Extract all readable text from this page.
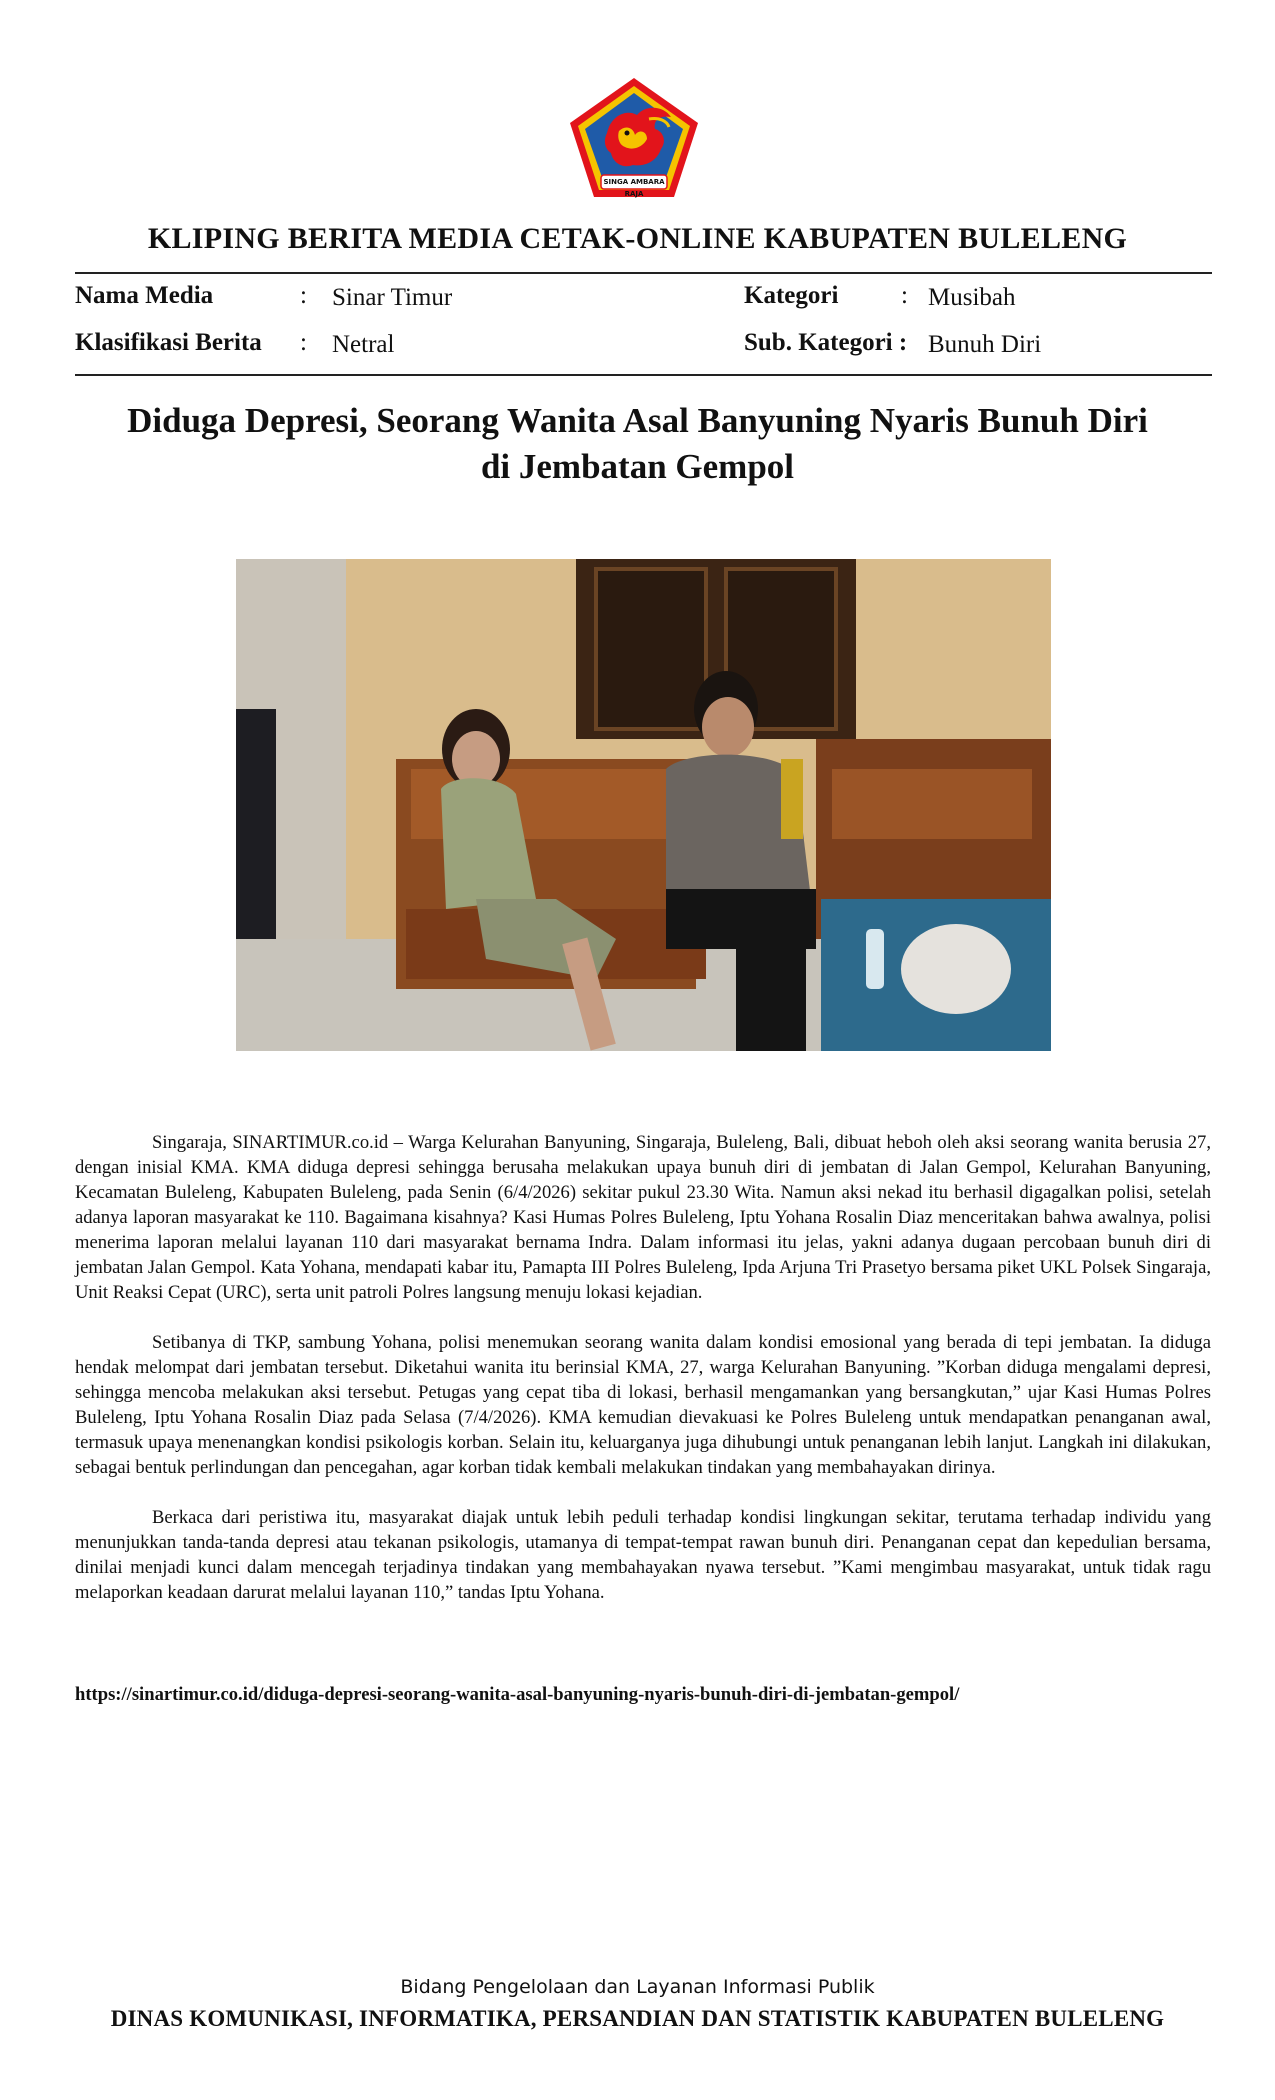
SINGA AMBARA RAJA
KLIPING BERITA MEDIA CETAK-ONLINE KABUPATEN BULELENG
Nama Media	: Sinar Timur	Kategori	: Musibah
Klasifikasi Berita : Netral	Sub. Kategori : Bunuh Diri
Diduga Depresi, Seorang Wanita Asal Banyuning Nyaris Bunuh Diri di Jembatan Gempol

Singaraja, SINARTIMUR.co.id – Warga Kelurahan Banyuning, Singaraja, Buleleng, Bali, dibuat heboh oleh aksi seorang wanita berusia 27, dengan inisial KMA. KMA diduga depresi sehingga berusaha melakukan upaya bunuh diri di jembatan di Jalan Gempol, Kelurahan Banyuning, Kecamatan Buleleng, Kabupaten Buleleng, pada Senin (6/4/2026) sekitar pukul 23.30 Wita. Namun aksi nekad itu berhasil digagalkan polisi, setelah adanya laporan masyarakat ke 110. Bagaimana kisahnya? Kasi Humas Polres Buleleng, Iptu Yohana Rosalin Diaz menceritakan bahwa awalnya, polisi menerima laporan melalui layanan 110 dari masyarakat bernama Indra. Dalam informasi itu jelas, yakni adanya dugaan percobaan bunuh diri di jembatan Jalan Gempol. Kata Yohana, mendapati kabar itu, Pamapta III Polres Buleleng, Ipda Arjuna Tri Prasetyo bersama piket UKL Polsek Singaraja, Unit Reaksi Cepat (URC), serta unit patroli Polres langsung menuju lokasi kejadian.

Setibanya di TKP, sambung Yohana, polisi menemukan seorang wanita dalam kondisi emosional yang berada di tepi jembatan. Ia diduga hendak melompat dari jembatan tersebut. Diketahui wanita itu berinsial KMA, 27, warga Kelurahan Banyuning. ”Korban diduga mengalami depresi, sehingga mencoba melakukan aksi tersebut. Petugas yang cepat tiba di lokasi, berhasil mengamankan yang bersangkutan,” ujar Kasi Humas Polres Buleleng, Iptu Yohana Rosalin Diaz pada Selasa (7/4/2026). KMA kemudian dievakuasi ke Polres Buleleng untuk mendapatkan penanganan awal, termasuk upaya menenangkan kondisi psikologis korban. Selain itu, keluarganya juga dihubungi untuk penanganan lebih lanjut. Langkah ini dilakukan, sebagai bentuk perlindungan dan pencegahan, agar korban tidak kembali melakukan tindakan yang membahayakan dirinya.

Berkaca dari peristiwa itu, masyarakat diajak untuk lebih peduli terhadap kondisi lingkungan sekitar, terutama terhadap individu yang menunjukkan tanda-tanda depresi atau tekanan psikologis, utamanya di tempat-tempat rawan bunuh diri. Penanganan cepat dan kepedulian bersama, dinilai menjadi kunci dalam mencegah terjadinya tindakan yang membahayakan nyawa tersebut. ”Kami mengimbau masyarakat, untuk tidak ragu melaporkan keadaan darurat melalui layanan 110,” tandas Iptu Yohana.

https://sinartimur.co.id/diduga-depresi-seorang-wanita-asal-banyuning-nyaris-bunuh-diri-di-jembatan-gempol/
Bidang Pengelolaan dan Layanan Informasi Publik
DINAS KOMUNIKASI, INFORMATIKA, PERSANDIAN DAN STATISTIK KABUPATEN BULELENG
